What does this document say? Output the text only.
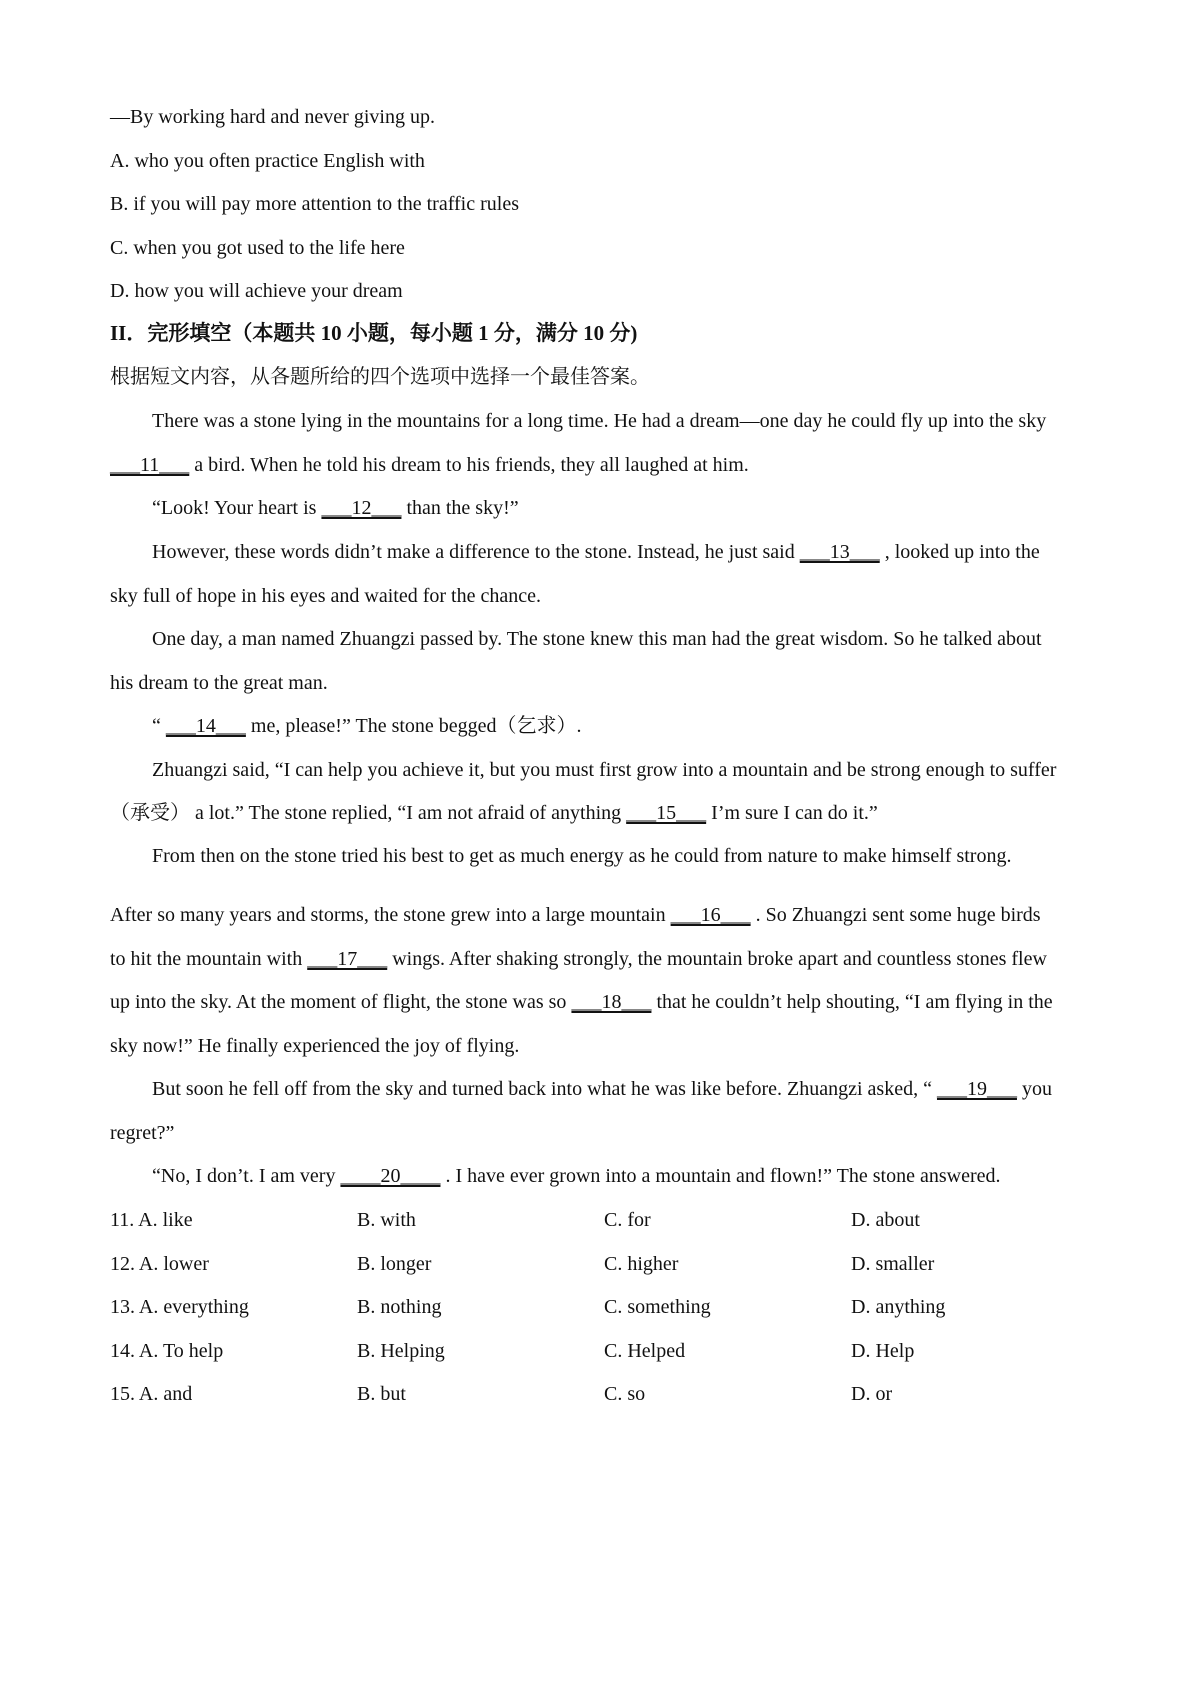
—By working hard and never giving up.
A. who you often practice English with
B. if you will pay more attention to the traffic rules
C. when you got used to the life here
D. how you will achieve your dream
II．完形填空（本题共 10 小题，每小题 1 分，满分 10 分)
根据短文内容，从各题所给的四个选项中选择一个最佳答案。
There was a stone lying in the mountains for a long time. He had a dream—one day he could fly up into the sky
___11___ a bird. When he told his dream to his friends, they all laughed at him.
“Look! Your heart is ___12___ than the sky!”
However, these words didn’t make a difference to the stone. Instead, he just said ___13___ , looked up into the
sky full of hope in his eyes and waited for the chance.
One day, a man named Zhuangzi passed by. The stone knew this man had the great wisdom. So he talked about
his dream to the great man.
“ ___14___ me, please!” The stone begged（乞求）.
Zhuangzi said, “I can help you achieve it, but you must first grow into a mountain and be strong enough to suffer
（承受） a lot.” The stone replied, “I am not afraid of anything ___15___ I’m sure I can do it.”
From then on the stone tried his best to get as much energy as he could from nature to make himself strong.
After so many years and storms, the stone grew into a large mountain ___16___ . So Zhuangzi sent some huge birds
to hit the mountain with ___17___ wings. After shaking strongly, the mountain broke apart and countless stones flew
up into the sky. At the moment of flight, the stone was so ___18___ that he couldn’t help shouting, “I am flying in the
sky now!” He finally experienced the joy of flying.
But soon he fell off from the sky and turned back into what he was like before. Zhuangzi asked, “ ___19___ you
regret?”
“No, I don’t. I am very ____20____ . I have ever grown into a mountain and flown!” The stone answered.
11. A. like	B. with	C. for	D. about
12. A. lower	B. longer	C. higher	D. smaller
13. A. everything	B. nothing	C. something	D. anything
14. A. To help	B. Helping	C. Helped	D. Help
15. A. and	B. but	C. so	D. or
